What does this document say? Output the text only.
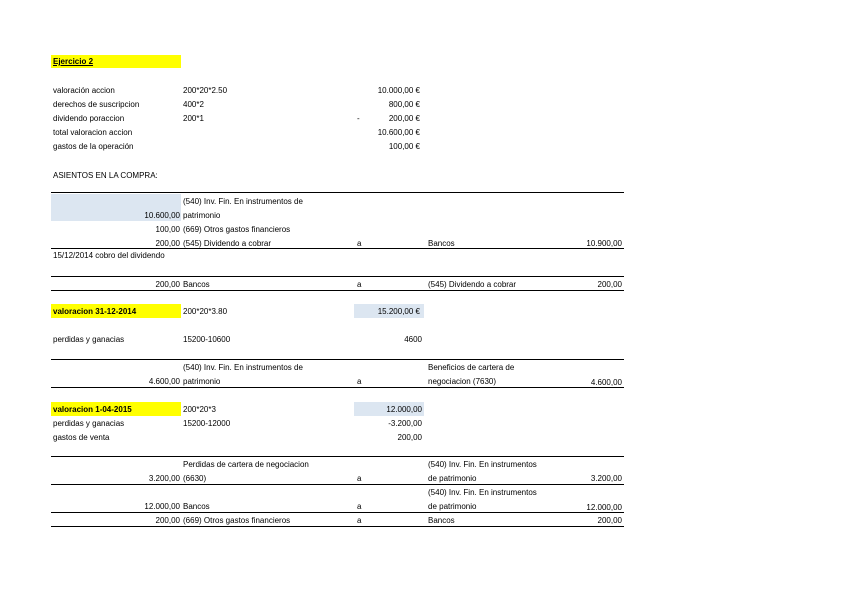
Ejercicio 2
valoración accion	200*20*2.50	10.000,00 €
derechos de suscripcion	400*2	800,00 €
dividendo poraccion	200*1	-	200,00 €
total valoracion accion	10.600,00 €
gastos de la operación	100,00 €
ASIENTOS EN LA COMPRA:
(540) Inv. Fin. En instrumentos de
10.600,00 patrimonio
100,00 (669) Otros gastos financieros
200,00 (545) Dividendo a cobrar	a	Bancos	10.900,00
15/12/2014 cobro del dividendo
200,00 Bancos	a	(545) Dividendo a cobrar	200,00
valoracion 31-12-2014	200*20*3.80	15.200,00 €
perdidas y ganacias	15200-10600	4600
(540) Inv. Fin. En instrumentos de	Beneficios de cartera de
4.600,00 patrimonio	a	negociacion (7630)	4.600,00
valoracion 1-04-2015	200*20*3	12.000,00
perdidas y ganacias	15200-12000	-3.200,00
gastos de venta	200,00
Perdidas de cartera de negociacion	(540) Inv. Fin. En instrumentos
3.200,00 (6630)	a	de patrimonio	3.200,00
(540) Inv. Fin. En instrumentos
12.000,00 Bancos	a	de patrimonio	12.000,00
200,00 (669) Otros gastos financieros	a	Bancos	200,00
